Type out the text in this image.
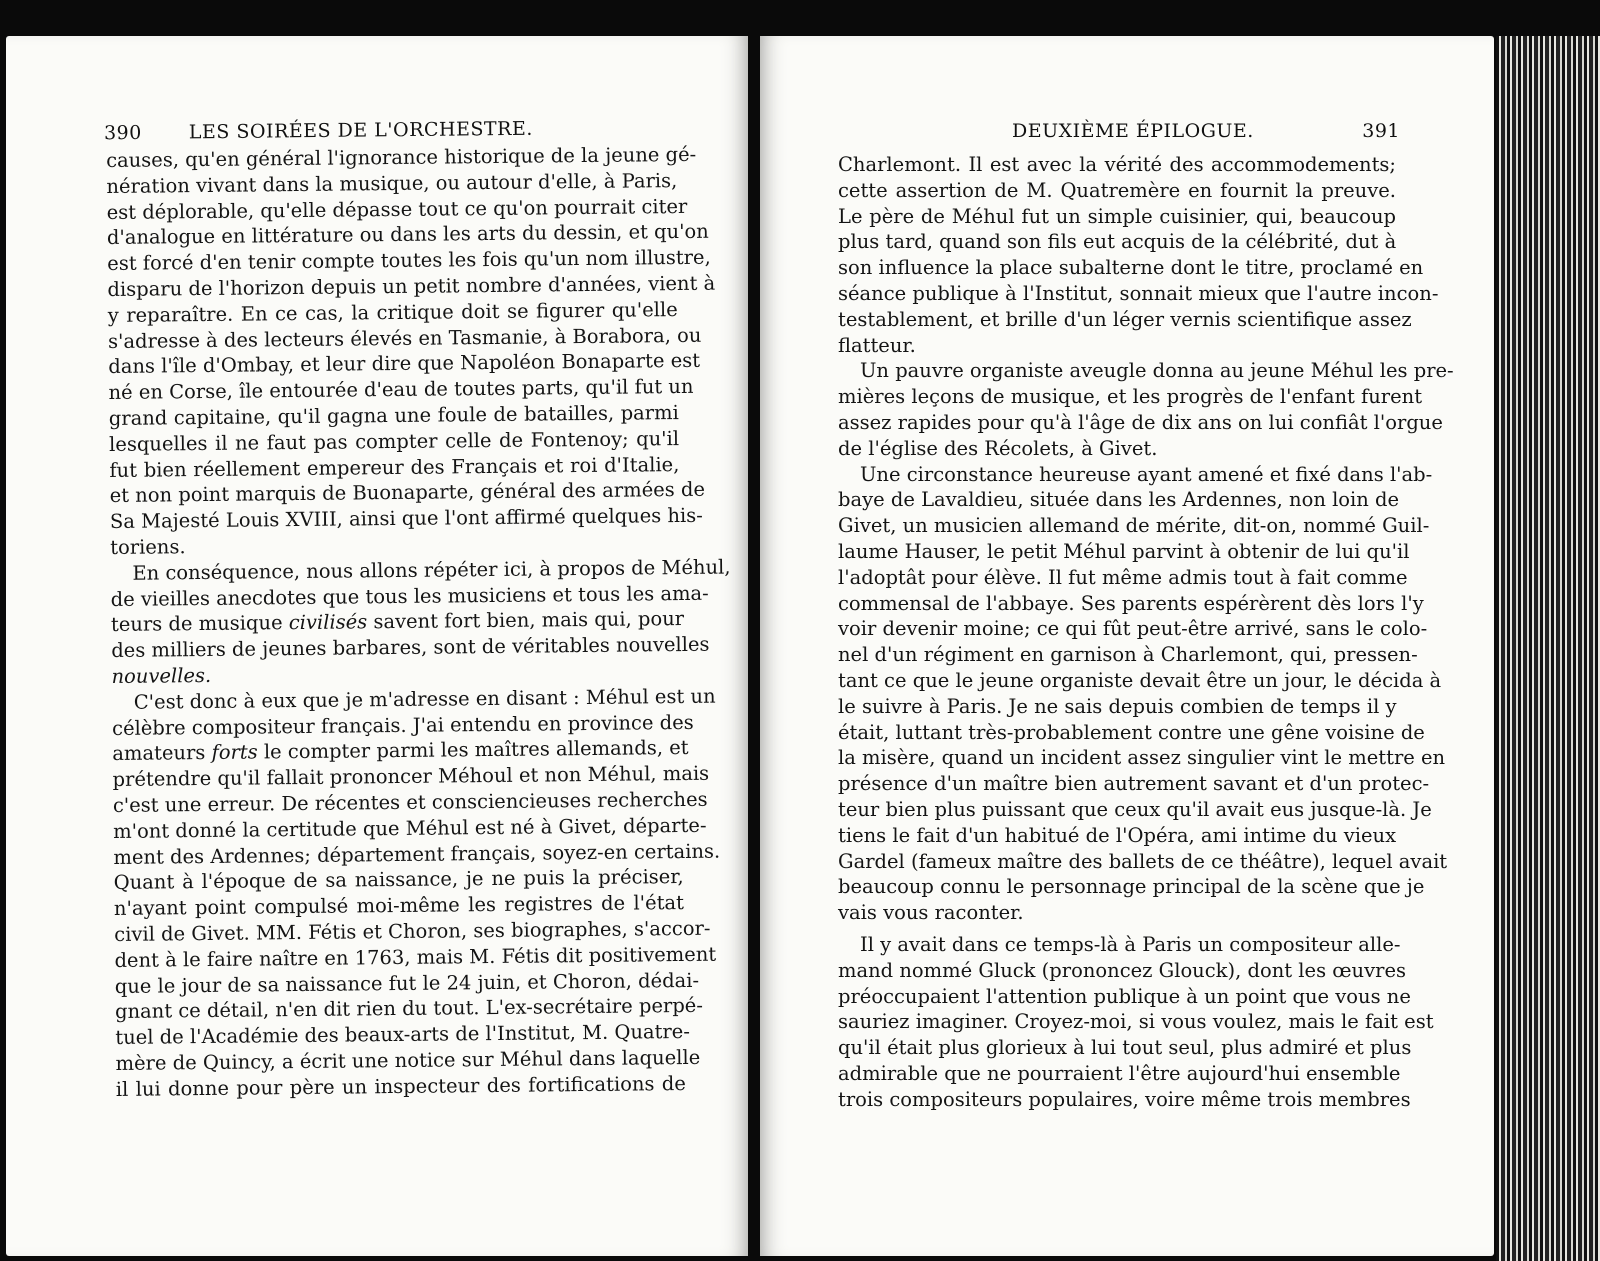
390 LES SOIRÉES DE L'ORCHESTRE.
causes, qu'en général l'ignorance historique de la jeune gé-
nération vivant dans la musique, ou autour d'elle, à Paris,
est déplorable, qu'elle dépasse tout ce qu'on pourrait citer
d'analogue en littérature ou dans les arts du dessin, et qu'on
est forcé d'en tenir compte toutes les fois qu'un nom illustre,
disparu de l'horizon depuis un petit nombre d'années, vient à
y reparaître. En ce cas, la critique doit se figurer qu'elle
s'adresse à des lecteurs élevés en Tasmanie, à Borabora, ou
dans l'île d'Ombay, et leur dire que Napoléon Bonaparte est
né en Corse, île entourée d'eau de toutes parts, qu'il fut un
grand capitaine, qu'il gagna une foule de batailles, parmi
lesquelles il ne faut pas compter celle de Fontenoy; qu'il
fut bien réellement empereur des Français et roi d'Italie,
et non point marquis de Buonaparte, général des armées de
Sa Majesté Louis XVIII, ainsi que l'ont affirmé quelques his-
toriens.
En conséquence, nous allons répéter ici, à propos de Méhul,
de vieilles anecdotes que tous les musiciens et tous les ama-
teurs de musique civilisés savent fort bien, mais qui, pour
des milliers de jeunes barbares, sont de véritables nouvelles
nouvelles.
C'est donc à eux que je m'adresse en disant : Méhul est un
célèbre compositeur français. J'ai entendu en province des
amateurs forts le compter parmi les maîtres allemands, et
prétendre qu'il fallait prononcer Méhoul et non Méhul, mais
c'est une erreur. De récentes et consciencieuses recherches
m'ont donné la certitude que Méhul est né à Givet, départe-
ment des Ardennes; département français, soyez-en certains.
Quant à l'époque de sa naissance, je ne puis la préciser,
n'ayant point compulsé moi-même les registres de l'état
civil de Givet. MM. Fétis et Choron, ses biographes, s'accor-
dent à le faire naître en 1763, mais M. Fétis dit positivement
que le jour de sa naissance fut le 24 juin, et Choron, dédai-
gnant ce détail, n'en dit rien du tout. L'ex-secrétaire perpé-
tuel de l'Académie des beaux-arts de l'Institut, M. Quatre-
mère de Quincy, a écrit une notice sur Méhul dans laquelle
il lui donne pour père un inspecteur des fortifications de
DEUXIÈME ÉPILOGUE.	391
Charlemont. Il est avec la vérité des accommodements;
cette assertion de M. Quatremère en fournit la preuve.
Le père de Méhul fut un simple cuisinier, qui, beaucoup
plus tard, quand son fils eut acquis de la célébrité, dut à
son influence la place subalterne dont le titre, proclamé en
séance publique à l'Institut, sonnait mieux que l'autre incon-
testablement, et brille d'un léger vernis scientifique assez
flatteur.
Un pauvre organiste aveugle donna au jeune Méhul les pre-
mières leçons de musique, et les progrès de l'enfant furent
assez rapides pour qu'à l'âge de dix ans on lui confiât l'orgue
de l'église des Récolets, à Givet.
Une circonstance heureuse ayant amené et fixé dans l'ab-
baye de Lavaldieu, située dans les Ardennes, non loin de
Givet, un musicien allemand de mérite, dit-on, nommé Guil-
laume Hauser, le petit Méhul parvint à obtenir de lui qu'il
l'adoptât pour élève. Il fut même admis tout à fait comme
commensal de l'abbaye. Ses parents espérèrent dès lors l'y
voir devenir moine; ce qui fût peut-être arrivé, sans le colo-
nel d'un régiment en garnison à Charlemont, qui, pressen-
tant ce que le jeune organiste devait être un jour, le décida à
le suivre à Paris. Je ne sais depuis combien de temps il y
était, luttant très-probablement contre une gêne voisine de
la misère, quand un incident assez singulier vint le mettre en
présence d'un maître bien autrement savant et d'un protec-
teur bien plus puissant que ceux qu'il avait eus jusque-là. Je
tiens le fait d'un habitué de l'Opéra, ami intime du vieux
Gardel (fameux maître des ballets de ce théâtre), lequel avait
beaucoup connu le personnage principal de la scène que je
vais vous raconter.
Il y avait dans ce temps-là à Paris un compositeur alle-
mand nommé Gluck (prononcez Glouck), dont les œuvres
préoccupaient l'attention publique à un point que vous ne
sauriez imaginer. Croyez-moi, si vous voulez, mais le fait est
qu'il était plus glorieux à lui tout seul, plus admiré et plus
admirable que ne pourraient l'être aujourd'hui ensemble
trois compositeurs populaires, voire même trois membres
